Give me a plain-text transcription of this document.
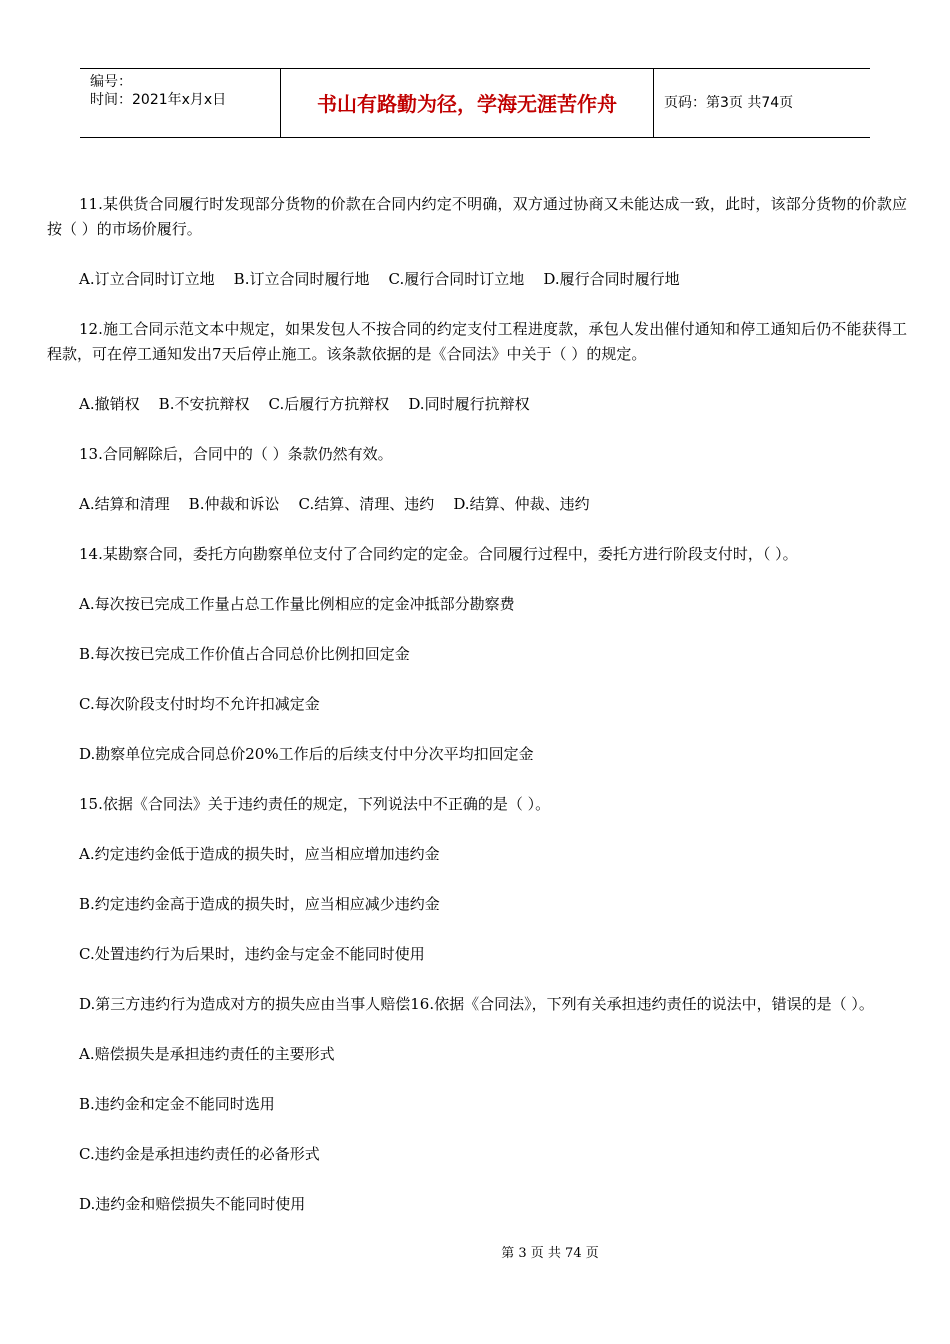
编号：
时间：2021年x月x日	书山有路勤为径，学海无涯苦作舟	页码：第3页 共74页

11.某供货合同履行时发现部分货物的价款在合同内约定不明确，双方通过协商又未能达成一致，此时，该部分货物的价款应按（ ）的市场价履行。

A.订立合同时订立地    B.订立合同时履行地    C.履行合同时订立地    D.履行合同时履行地

12.施工合同示范文本中规定，如果发包人不按合同的约定支付工程进度款，承包人发出催付通知和停工通知后仍不能获得工程款，可在停工通知发出7天后停止施工。该条款依据的是《合同法》中关于（ ）的规定。

A.撤销权    B.不安抗辩权    C.后履行方抗辩权    D.同时履行抗辩权

13.合同解除后，合同中的（ ）条款仍然有效。

A.结算和清理    B.仲裁和诉讼    C.结算、清理、违约    D.结算、仲裁、违约

14.某勘察合同，委托方向勘察单位支付了合同约定的定金。合同履行过程中，委托方进行阶段支付时，（ ）。

A.每次按已完成工作量占总工作量比例相应的定金冲抵部分勘察费

B.每次按已完成工作价值占合同总价比例扣回定金

C.每次阶段支付时均不允许扣减定金

D.勘察单位完成合同总价20%工作后的后续支付中分次平均扣回定金

15.依据《合同法》关于违约责任的规定，下列说法中不正确的是（ ）。

A.约定违约金低于造成的损失时，应当相应增加违约金

B.约定违约金高于造成的损失时，应当相应减少违约金

C.处置违约行为后果时，违约金与定金不能同时使用

D.第三方违约行为造成对方的损失应由当事人赔偿16.依据《合同法》，下列有关承担违约责任的说法中，错误的是（ ）。

A.赔偿损失是承担违约责任的主要形式

B.违约金和定金不能同时选用

C.违约金是承担违约责任的必备形式

D.违约金和赔偿损失不能同时使用

第 3 页 共 74 页
